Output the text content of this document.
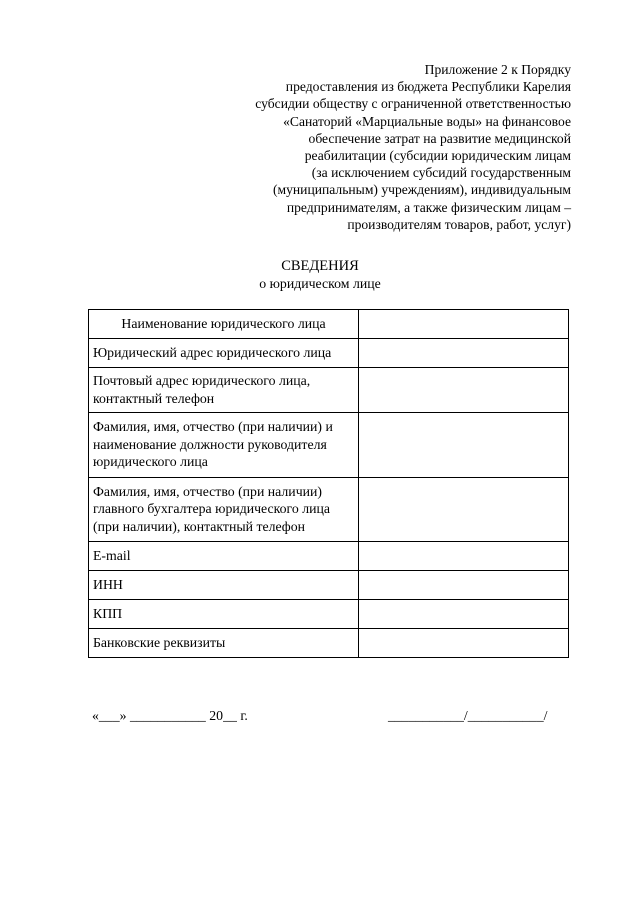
Приложение 2 к Порядку
предоставления из бюджета Республики Карелия
субсидии обществу с ограниченной ответственностью
«Санаторий «Марциальные воды» на финансовое
обеспечение затрат на развитие медицинской
реабилитации (субсидии юридическим лицам
(за исключением субсидий государственным
(муниципальным) учреждениям), индивидуальным
предпринимателям, а также физическим лицам –
производителям товаров, работ, услуг)
СВЕДЕНИЯ
о юридическом лице
Наименование юридического лица	
Юридический адрес юридического лица	
Почтовый адрес юридического лица, контактный телефон	
Фамилия, имя, отчество (при наличии) и наименование должности руководителя юридического лица	
Фамилия, имя, отчество (при наличии) главного бухгалтера юридического лица (при наличии), контактный телефон	
E-mail	
ИНН	
КПП	
Банковские реквизиты	
«___» ___________ 20__ г.	___________/___________/
